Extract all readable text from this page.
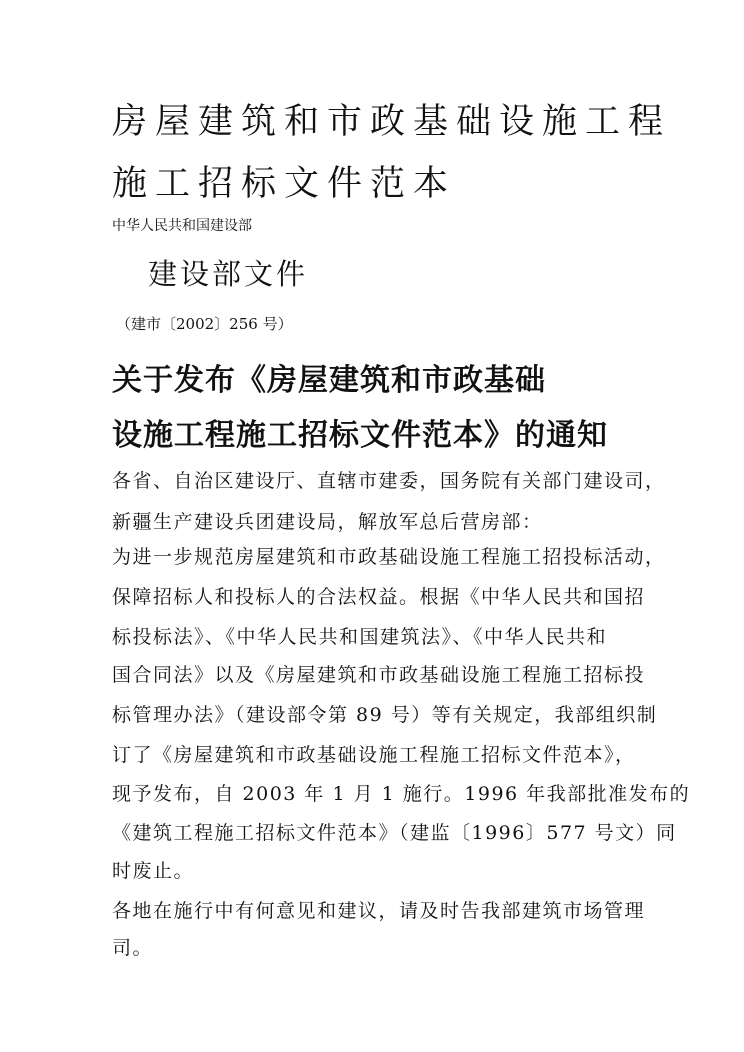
房屋建筑和市政基础设施工程
施工招标文件范本
中华人民共和国建设部
建设部文件
（建市〔2002〕256 号）
关于发布《房屋建筑和市政基础
设施工程施工招标文件范本》的通知
各省、自治区建设厅、直辖市建委，国务院有关部门建设司，
新疆生产建设兵团建设局，解放军总后营房部：
为进一步规范房屋建筑和市政基础设施工程施工招投标活动，
保障招标人和投标人的合法权益。根据《中华人民共和国招
标投标法》、《中华人民共和国建筑法》、《中华人民共和
国合同法》以及《房屋建筑和市政基础设施工程施工招标投
标管理办法》（建设部令第 89 号）等有关规定，我部组织制
订了《房屋建筑和市政基础设施工程施工招标文件范本》，
现予发布，自 2003 年 1 月 1 施行。1996 年我部批准发布的
《建筑工程施工招标文件范本》（建监〔1996〕577 号文）同
时废止。
各地在施行中有何意见和建议，请及时告我部建筑市场管理
司。
